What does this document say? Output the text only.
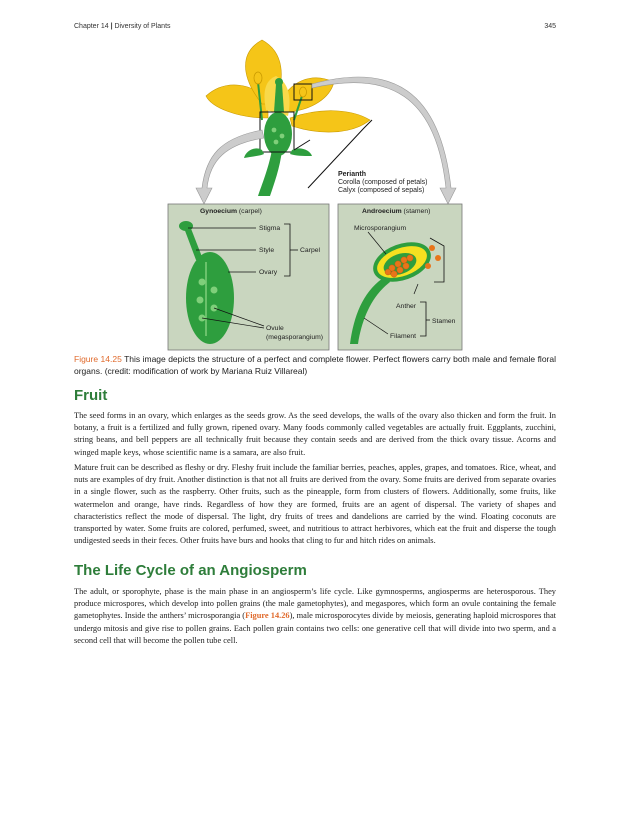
Chapter 14 | Diversity of Plants	345
Perianth
Corolla (composed of petals)
Calyx (composed of sepals)
Gynoecium (carpel)
Stigma
Style
Ovary
Carpel
Ovule
(megasporangium)
Androecium (stamen)
Microsporangium
Anther
Stamen
Filament
Figure 14.25 This image depicts the structure of a perfect and complete flower. Perfect flowers carry both male and female floral organs. (credit: modification of work by Mariana Ruiz Villareal)
Fruit

The seed forms in an ovary, which enlarges as the seeds grow. As the seed develops, the walls of the ovary also thicken and form the fruit. In botany, a fruit is a fertilized and fully grown, ripened ovary. Many foods commonly called vegetables are actually fruit. Eggplants, zucchini, string beans, and bell peppers are all technically fruit because they contain seeds and are derived from the thick ovary tissue. Acorns and winged maple keys, whose scientific name is a samara, are also fruit.

Mature fruit can be described as fleshy or dry. Fleshy fruit include the familiar berries, peaches, apples, grapes, and tomatoes. Rice, wheat, and nuts are examples of dry fruit. Another distinction is that not all fruits are derived from the ovary. Some fruits are derived from separate ovaries in a single flower, such as the raspberry. Other fruits, such as the pineapple, form from clusters of flowers. Additionally, some fruits, like watermelon and orange, have rinds. Regardless of how they are formed, fruits are an agent of dispersal. The variety of shapes and characteristics reflect the mode of dispersal. The light, dry fruits of trees and dandelions are carried by the wind. Floating coconuts are transported by water. Some fruits are colored, perfumed, sweet, and nutritious to attract herbivores, which eat the fruit and disperse the tough undigested seeds in their feces. Other fruits have burs and hooks that cling to fur and hitch rides on animals.

The Life Cycle of an Angiosperm

The adult, or sporophyte, phase is the main phase in an angiosperm’s life cycle. Like gymnosperms, angiosperms are heterosporous. They produce microspores, which develop into pollen grains (the male gametophytes), and megaspores, which form an ovule containing the female gametophytes. Inside the anthers’ microsporangia (Figure 14.26), male microsporocytes divide by meiosis, generating haploid microspores that undergo mitosis and give rise to pollen grains. Each pollen grain contains two cells: one generative cell that will divide into two sperm, and a second cell that will become the pollen tube cell.
